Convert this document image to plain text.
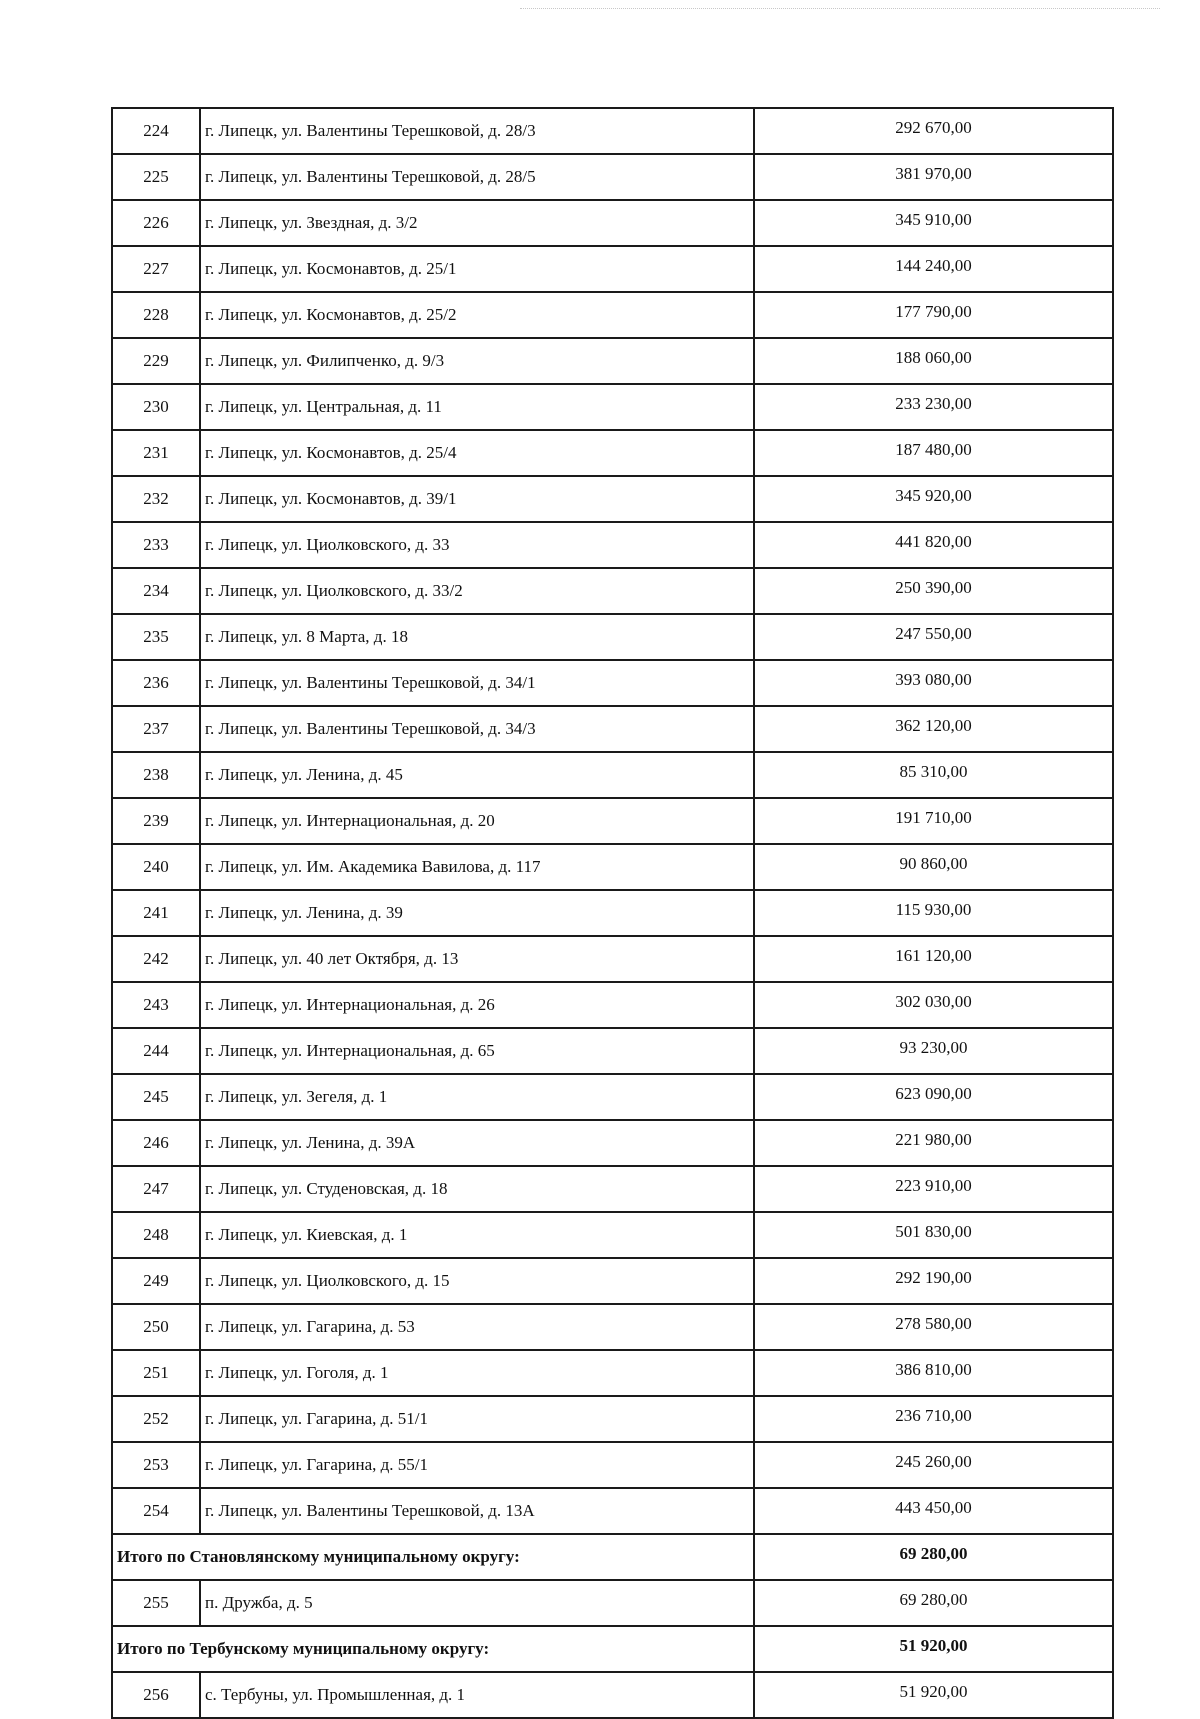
224	г. Липецк, ул. Валентины Терешковой, д. 28/3	292 670,00
225	г. Липецк, ул. Валентины Терешковой, д. 28/5	381 970,00
226	г. Липецк, ул. Звездная, д. 3/2	345 910,00
227	г. Липецк, ул. Космонавтов, д. 25/1	144 240,00
228	г. Липецк, ул. Космонавтов, д. 25/2	177 790,00
229	г. Липецк, ул. Филипченко, д. 9/3	188 060,00
230	г. Липецк, ул. Центральная, д. 11	233 230,00
231	г. Липецк, ул. Космонавтов, д. 25/4	187 480,00
232	г. Липецк, ул. Космонавтов, д. 39/1	345 920,00
233	г. Липецк, ул. Циолковского, д. 33	441 820,00
234	г. Липецк, ул. Циолковского, д. 33/2	250 390,00
235	г. Липецк, ул. 8 Марта, д. 18	247 550,00
236	г. Липецк, ул. Валентины Терешковой, д. 34/1	393 080,00
237	г. Липецк, ул. Валентины Терешковой, д. 34/3	362 120,00
238	г. Липецк, ул. Ленина, д. 45	85 310,00
239	г. Липецк, ул. Интернациональная, д. 20	191 710,00
240	г. Липецк, ул. Им. Академика Вавилова, д. 117	90 860,00
241	г. Липецк, ул. Ленина, д. 39	115 930,00
242	г. Липецк, ул. 40 лет Октября, д. 13	161 120,00
243	г. Липецк, ул. Интернациональная, д. 26	302 030,00
244	г. Липецк, ул. Интернациональная, д. 65	93 230,00
245	г. Липецк, ул. Зегеля, д. 1	623 090,00
246	г. Липецк, ул. Ленина, д. 39А	221 980,00
247	г. Липецк, ул. Студеновская, д. 18	223 910,00
248	г. Липецк, ул. Киевская, д. 1	501 830,00
249	г. Липецк, ул. Циолковского, д. 15	292 190,00
250	г. Липецк, ул. Гагарина, д. 53	278 580,00
251	г. Липецк, ул. Гоголя, д. 1	386 810,00
252	г. Липецк, ул. Гагарина, д. 51/1	236 710,00
253	г. Липецк, ул. Гагарина, д. 55/1	245 260,00
254	г. Липецк, ул. Валентины Терешковой, д. 13А	443 450,00
Итого по Становлянскому муниципальному округу:		69 280,00
255	п. Дружба, д. 5	69 280,00
Итого по Тербунскому муниципальному округу:		51 920,00
256	с. Тербуны, ул. Промышленная, д. 1	51 920,00
